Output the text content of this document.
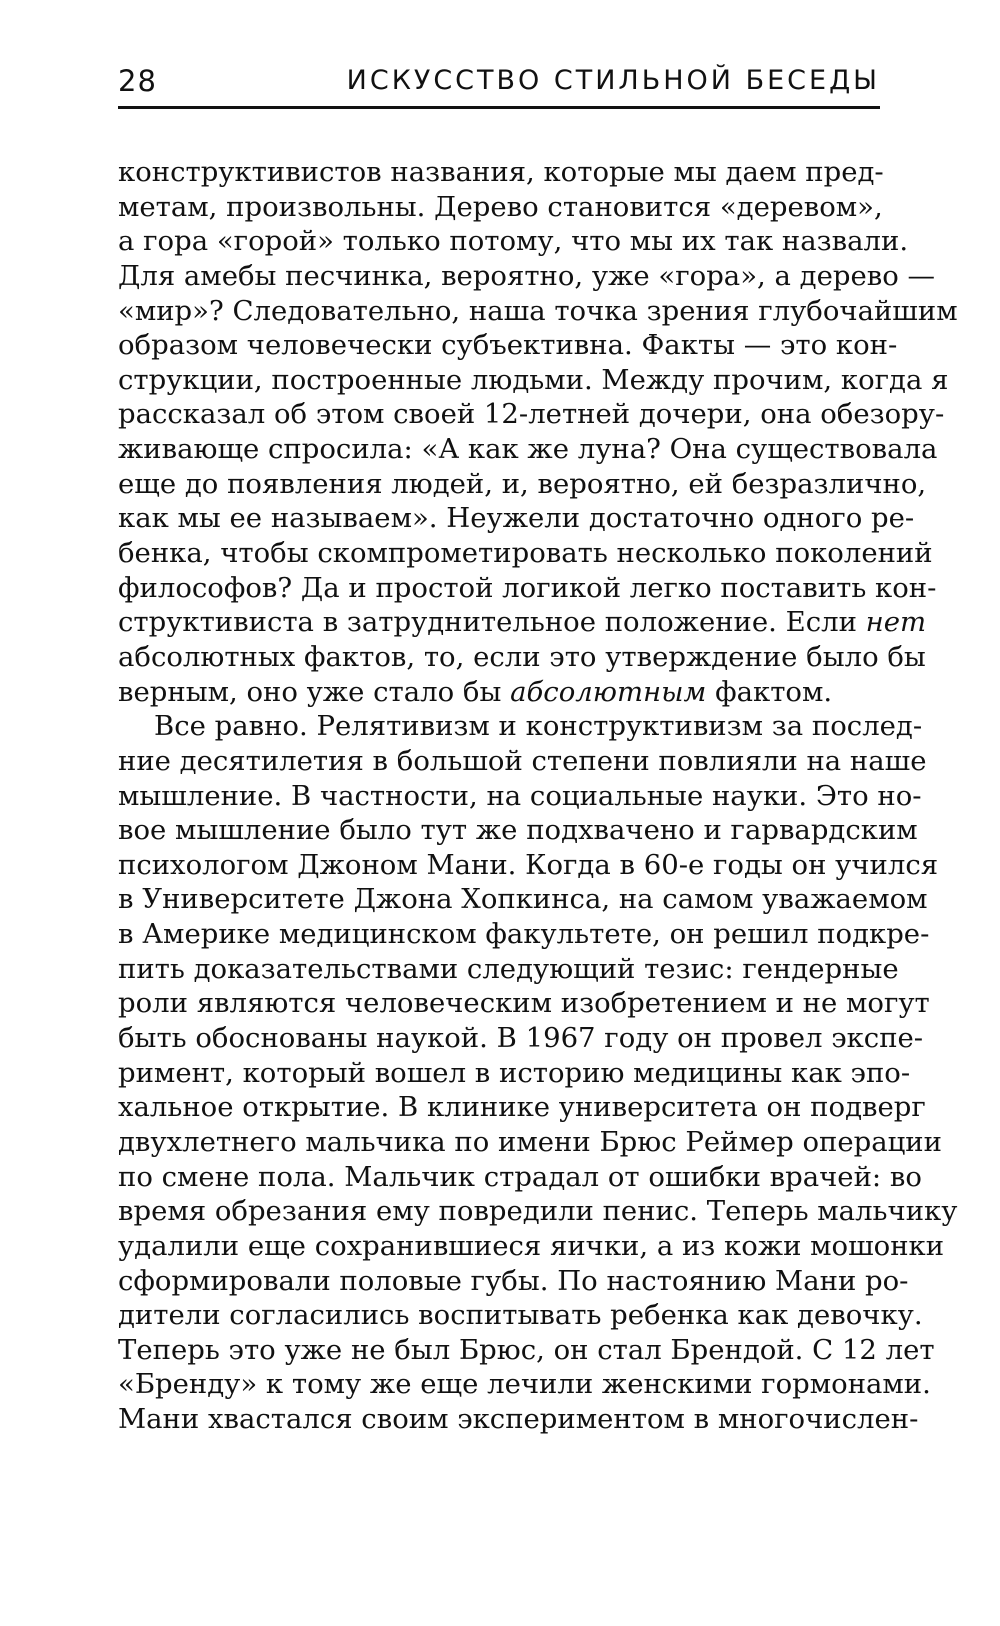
28	ИСКУССТВО СТИЛЬНОЙ БЕСЕДЫ
конструктивистов названия, которые мы даем пред-
метам, произвольны. Дерево становится «деревом»,
а гора «горой» только потому, что мы их так назвали.
Для амебы песчинка, вероятно, уже «гора», а дерево —
«мир»? Следовательно, наша точка зрения глубочайшим
образом человечески субъективна. Факты — это кон-
струкции, построенные людьми. Между прочим, когда я
рассказал об этом своей 12-летней дочери, она обезору-
живающе спросила: «А как же луна? Она существовала
еще до появления людей, и, вероятно, ей безразлично,
как мы ее называем». Неужели достаточно одного ре-
бенка, чтобы скомпрометировать несколько поколений
философов? Да и простой логикой легко поставить кон-
структивиста в затруднительное положение. Если нет
абсолютных фактов, то, если это утверждение было бы
верным, оно уже стало бы абсолютным фактом.
Все равно. Релятивизм и конструктивизм за послед-
ние десятилетия в большой степени повлияли на наше
мышление. В частности, на социальные науки. Это но-
вое мышление было тут же подхвачено и гарвардским
психологом Джоном Мани. Когда в 60-е годы он учился
в Университете Джона Хопкинса, на самом уважаемом
в Америке медицинском факультете, он решил подкре-
пить доказательствами следующий тезис: гендерные
роли являются человеческим изобретением и не могут
быть обоснованы наукой. В 1967 году он провел экспе-
римент, который вошел в историю медицины как эпо-
хальное открытие. В клинике университета он подверг
двухлетнего мальчика по имени Брюс Реймер операции
по смене пола. Мальчик страдал от ошибки врачей: во
время обрезания ему повредили пенис. Теперь мальчику
удалили еще сохранившиеся яички, а из кожи мошонки
сформировали половые губы. По настоянию Мани ро-
дители согласились воспитывать ребенка как девочку.
Теперь это уже не был Брюс, он стал Брендой. С 12 лет
«Бренду» к тому же еще лечили женскими гормонами.
Мани хвастался своим экспериментом в многочислен-
